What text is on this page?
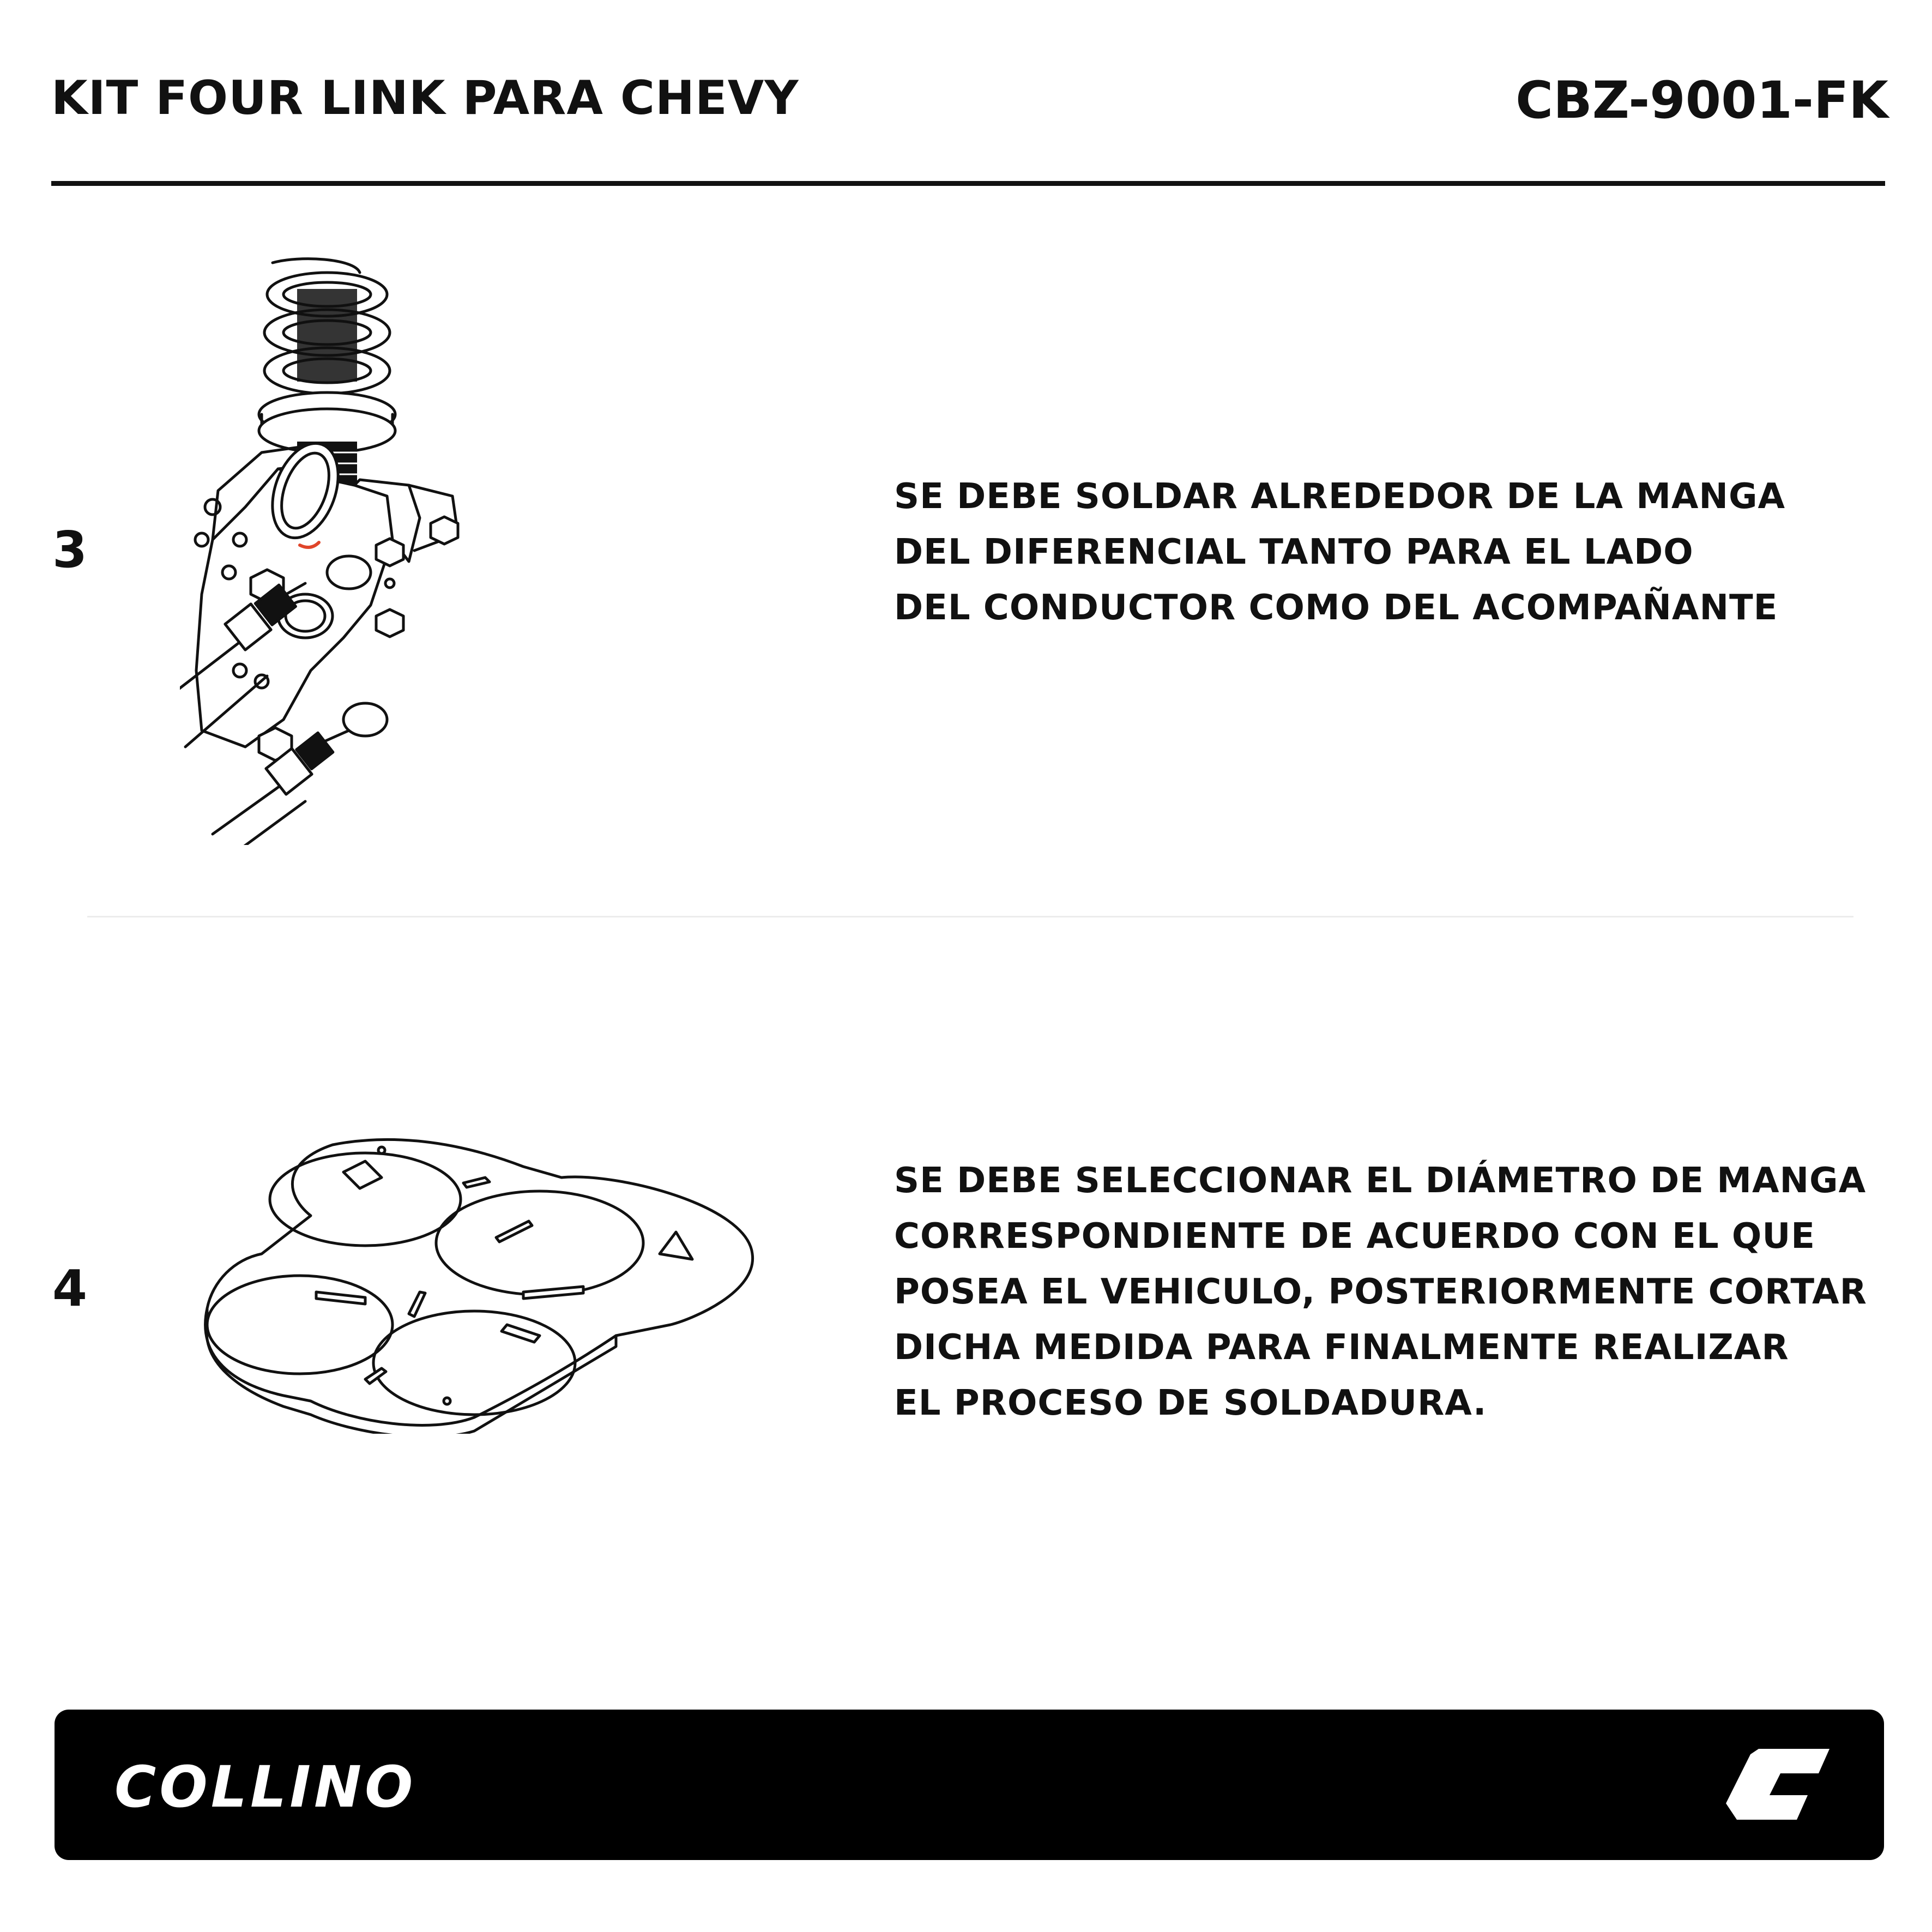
KIT FOUR LINK PARA CHEVY	CBZ-9001-FK
3
SE DEBE SOLDAR ALREDEDOR DE LA MANGA
DEL DIFERENCIAL TANTO PARA EL LADO
DEL CONDUCTOR COMO DEL ACOMPAÑANTE
4
SE DEBE SELECCIONAR EL DIÁMETRO DE MANGA
CORRESPONDIENTE DE ACUERDO CON EL QUE
POSEA EL VEHICULO, POSTERIORMENTE CORTAR
DICHA MEDIDA PARA FINALMENTE REALIZAR
EL PROCESO DE SOLDADURA.
COLLINO
